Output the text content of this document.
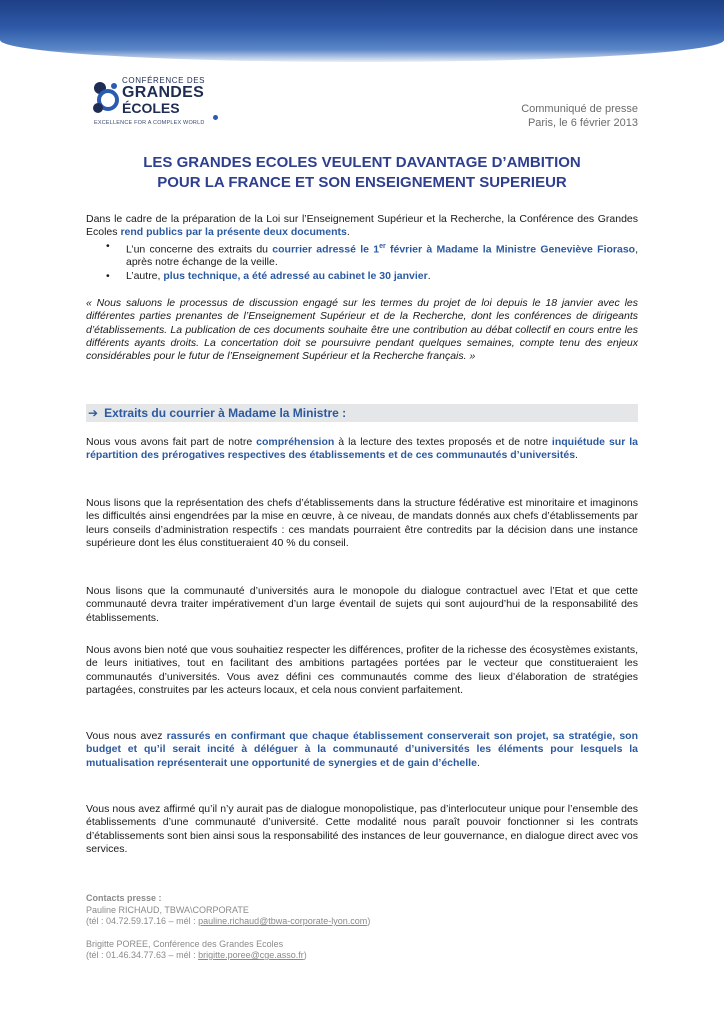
CONFÉRENCE DES
GRANDES
ÉCOLES
EXCELLENCE FOR A COMPLEX WORLD
Communiqué de presse
Paris, le 6 février 2013
LES GRANDES ECOLES VEULENT DAVANTAGE D’AMBITION
POUR LA FRANCE ET SON ENSEIGNEMENT SUPERIEUR
Dans le cadre de la préparation de la Loi sur l’Enseignement Supérieur et la Recherche, la Conférence des Grandes Ecoles rend publics par la présente deux documents.
• L’un concerne des extraits du courrier adressé le 1er février à Madame la Ministre Geneviève Fioraso, après notre échange de la veille.
• L’autre, plus technique, a été adressé au cabinet le 30 janvier.
« Nous saluons le processus de discussion engagé sur les termes du projet de loi depuis le 18 janvier avec les différentes parties prenantes de l’Enseignement Supérieur et de la Recherche, dont les conférences de dirigeants d’établissements. La publication de ces documents souhaite être une contribution au débat collectif en cours entre les différents ayants droits. La concertation doit se poursuivre pendant quelques semaines, compte tenu des enjeux considérables pour le futur de l’Enseignement Supérieur et la Recherche français. »
➔ Extraits du courrier à Madame la Ministre :
Nous vous avons fait part de notre compréhension à la lecture des textes proposés et de notre inquiétude sur la répartition des prérogatives respectives des établissements et de ces communautés d’universités.
Nous lisons que la représentation des chefs d’établissements dans la structure fédérative est minoritaire et imaginons les difficultés ainsi engendrées par la mise en œuvre, à ce niveau, de mandats donnés aux chefs d’établissements par leurs conseils d’administration respectifs : ces mandats pourraient être contredits par la décision dans une instance supérieure dont les élus constitueraient 40 % du conseil.
Nous lisons que la communauté d’universités aura le monopole du dialogue contractuel avec l’Etat et que cette communauté devra traiter impérativement d’un large éventail de sujets qui sont aujourd’hui de la responsabilité des établissements.
Nous avons bien noté que vous souhaitiez respecter les différences, profiter de la richesse des écosystèmes existants, de leurs initiatives, tout en facilitant des ambitions partagées portées par le vecteur que constitueraient les communautés d’universités. Vous avez défini ces communautés comme des lieux d’élaboration de stratégies partagées, construites par les acteurs locaux, et cela nous convient parfaitement.
Vous nous avez rassurés en confirmant que chaque établissement conserverait son projet, sa stratégie, son budget et qu’il serait incité à déléguer à la communauté d’universités les éléments pour lesquels la mutualisation représenterait une opportunité de synergies et de gain d’échelle.
Vous nous avez affirmé qu’il n’y aurait pas de dialogue monopolistique, pas d’interlocuteur unique pour l’ensemble des établissements d’une communauté d’université. Cette modalité nous paraît pouvoir fonctionner si les contrats d’établissements sont bien ainsi sous la responsabilité des instances de leur gouvernance, en dialogue direct avec vos services.
Contacts presse :
Pauline RICHAUD, TBWA\CORPORATE
(tél : 04.72.59.17.16 – mél : pauline.richaud@tbwa-corporate-lyon.com)
Brigitte POREE, Conférence des Grandes Ecoles
(tél : 01.46.34.77.63 – mél : brigitte.poree@cge.asso.fr)
